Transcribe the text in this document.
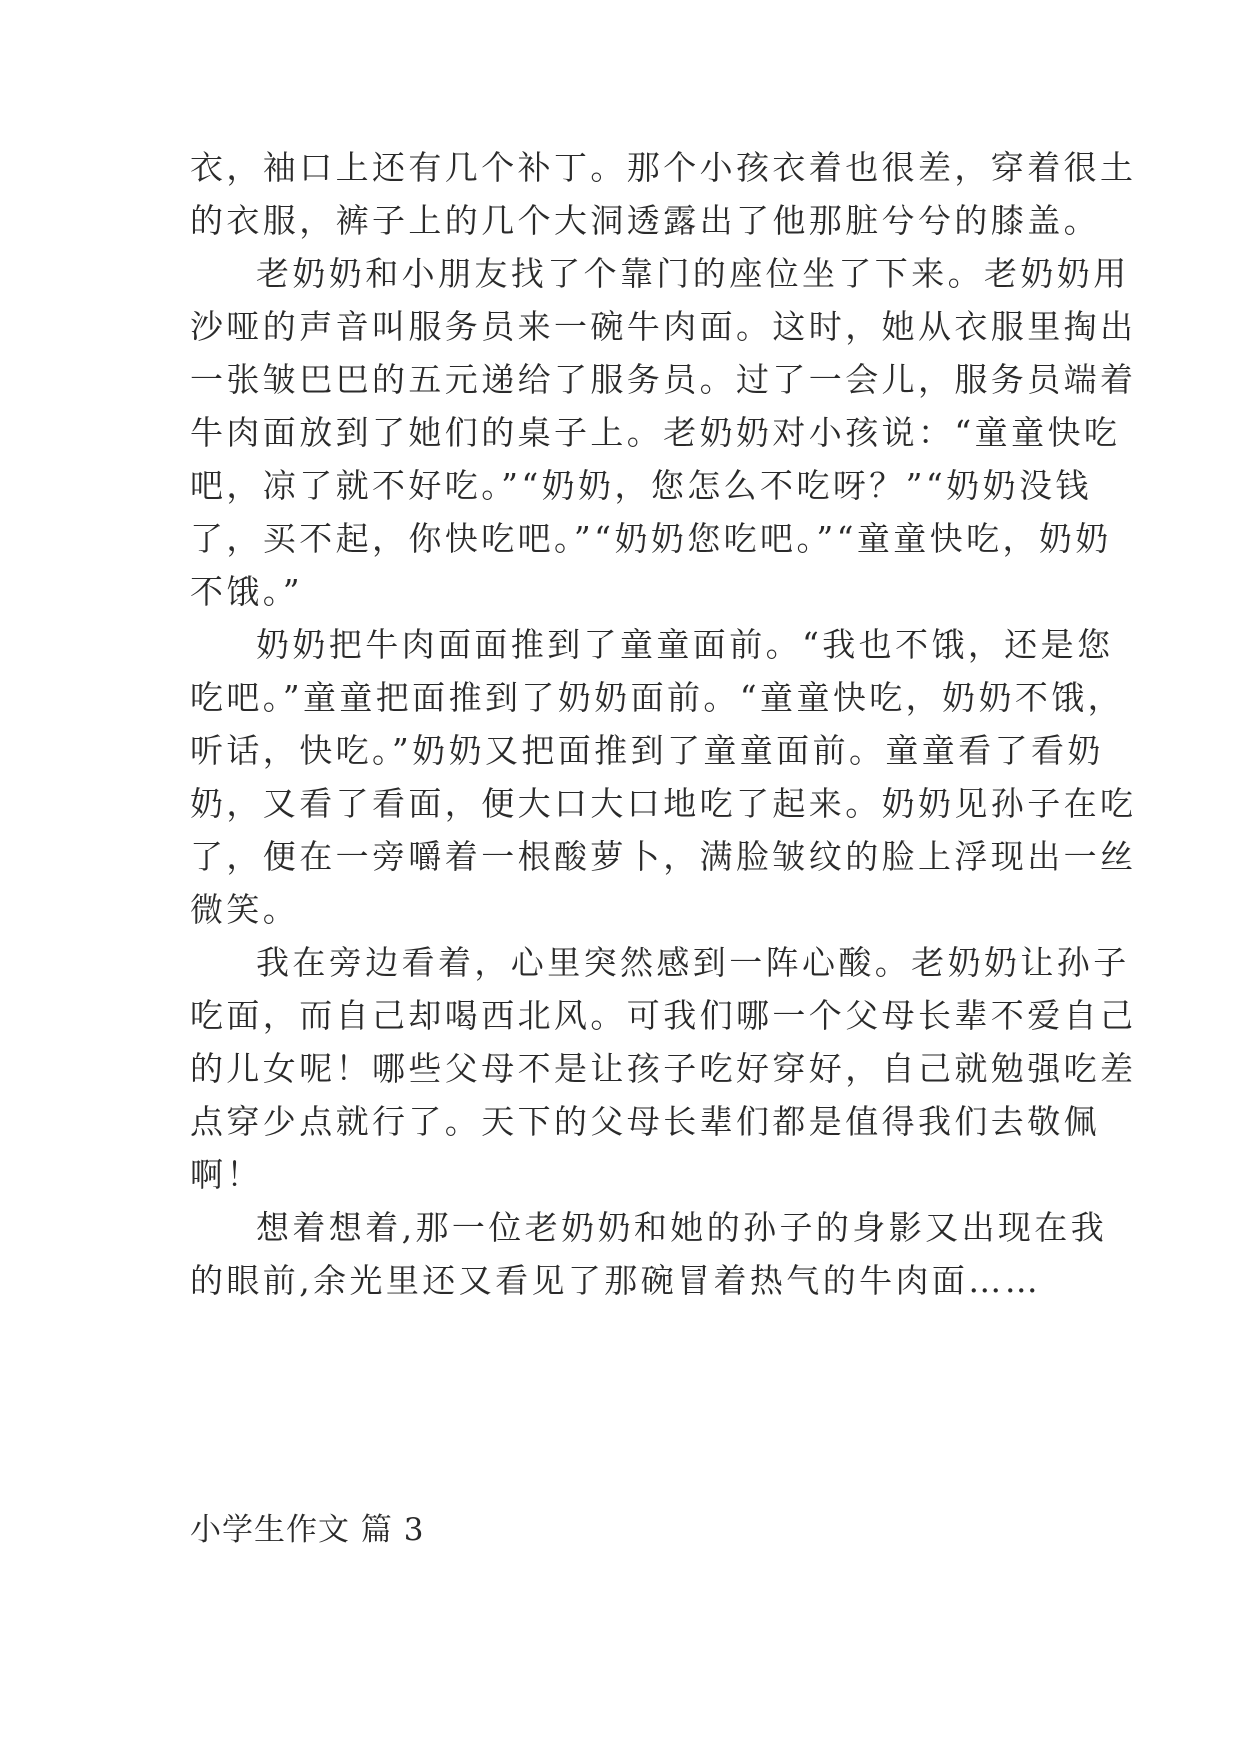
衣，袖口上还有几个补丁。那个小孩衣着也很差，穿着很土
的衣服，裤子上的几个大洞透露出了他那脏兮兮的膝盖。
老奶奶和小朋友找了个靠门的座位坐了下来。老奶奶用
沙哑的声音叫服务员来一碗牛肉面。这时，她从衣服里掏出
一张皱巴巴的五元递给了服务员。过了一会儿，服务员端着
牛肉面放到了她们的桌子上。老奶奶对小孩说：“童童快吃
吧，凉了就不好吃。”“奶奶，您怎么不吃呀？”“奶奶没钱
了，买不起，你快吃吧。”“奶奶您吃吧。”“童童快吃，奶奶
不饿。”
奶奶把牛肉面面推到了童童面前。“我也不饿，还是您
吃吧。”童童把面推到了奶奶面前。“童童快吃，奶奶不饿，
听话，快吃。”奶奶又把面推到了童童面前。童童看了看奶
奶，又看了看面，便大口大口地吃了起来。奶奶见孙子在吃
了，便在一旁嚼着一根酸萝卜，满脸皱纹的脸上浮现出一丝
微笑。
我在旁边看着，心里突然感到一阵心酸。老奶奶让孙子
吃面，而自己却喝西北风。可我们哪一个父母长辈不爱自己
的儿女呢！哪些父母不是让孩子吃好穿好，自己就勉强吃差
点穿少点就行了。天下的父母长辈们都是值得我们去敬佩
啊！
想着想着,那一位老奶奶和她的孙子的身影又出现在我
的眼前,余光里还又看见了那碗冒着热气的牛肉面……
小学生作文 篇 3
